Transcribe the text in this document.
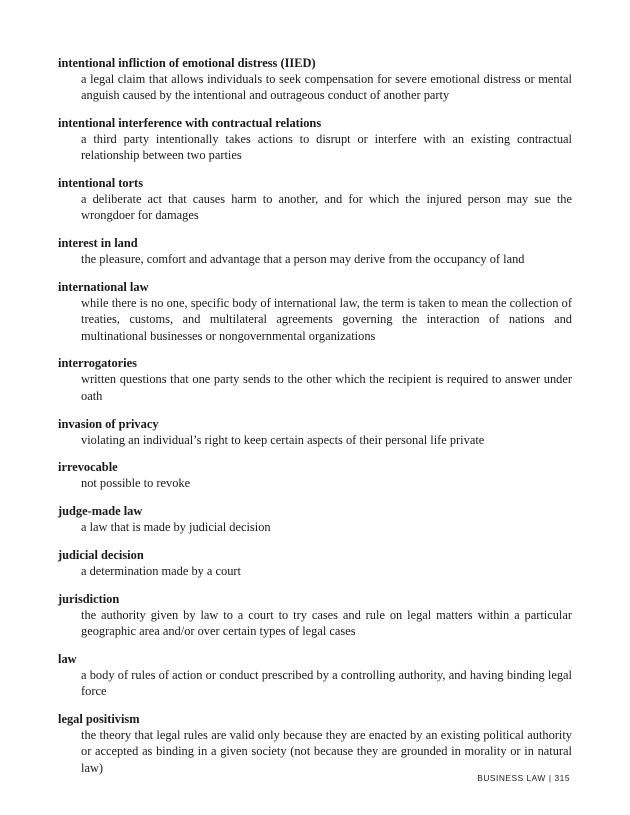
intentional infliction of emotional distress (IIED)

a legal claim that allows individuals to seek compensation for severe emotional distress or mental anguish caused by the intentional and outrageous conduct of another party

intentional interference with contractual relations

a third party intentionally takes actions to disrupt or interfere with an existing contractual relationship between two parties

intentional torts

a deliberate act that causes harm to another, and for which the injured person may sue the wrongdoer for damages

interest in land

the pleasure, comfort and advantage that a person may derive from the occupancy of land

international law

while there is no one, specific body of international law, the term is taken to mean the collection of treaties, customs, and multilateral agreements governing the interaction of nations and multinational businesses or nongovernmental organizations

interrogatories

written questions that one party sends to the other which the recipient is required to answer under oath

invasion of privacy

violating an individual’s right to keep certain aspects of their personal life private

irrevocable

not possible to revoke

judge-made law

a law that is made by judicial decision

judicial decision

a determination made by a court

jurisdiction

the authority given by law to a court to try cases and rule on legal matters within a particular geographic area and/or over certain types of legal cases

law

a body of rules of action or conduct prescribed by a controlling authority, and having binding legal force

legal positivism

the theory that legal rules are valid only because they are enacted by an existing political authority or accepted as binding in a given society (not because they are grounded in morality or in natural law)

BUSINESS LAW | 315
